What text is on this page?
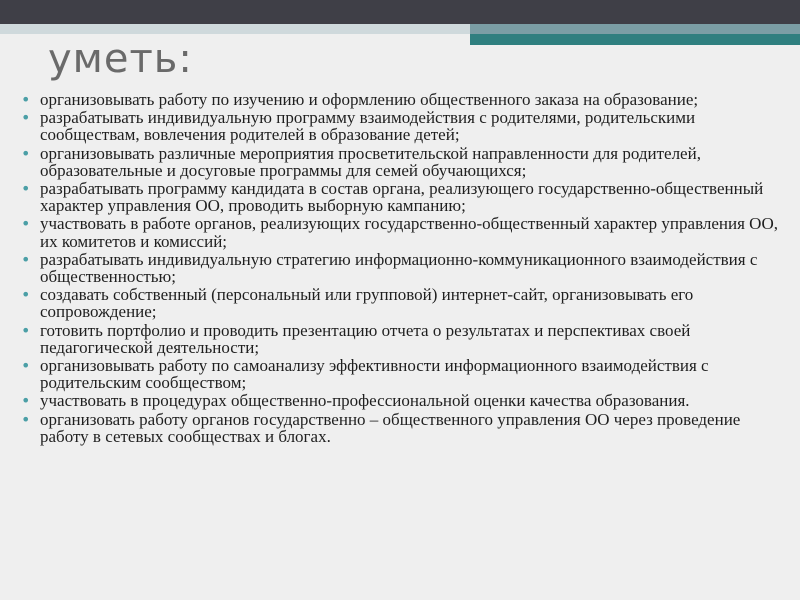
уметь:
• организовывать работу по изучению и оформлению общественного заказа на образование;
• разрабатывать индивидуальную программу взаимодействия с родителями, родительскими сообществам, вовлечения родителей в образование детей;
• организовывать различные мероприятия просветительской направленности для родителей, образовательные и досуговые программы для семей обучающихся;
• разрабатывать программу кандидата в состав органа, реализующего государственно-общественный характер управления ОО, проводить выборную кампанию;
• участвовать в работе органов, реализующих государственно-общественный характер управления ОО, их комитетов и комиссий;
• разрабатывать индивидуальную стратегию информационно-коммуникационного взаимодействия с общественностью;
• создавать собственный (персональный или групповой) интернет-сайт, организовывать его сопровождение;
• готовить портфолио и проводить презентацию отчета о результатах и перспективах своей педагогической деятельности;
• организовывать работу по самоанализу эффективности информационного взаимодействия с родительским сообществом;
• участвовать в процедурах общественно-профессиональной оценки качества образования.
• организовать работу органов государственно – общественного управления ОО через проведение работу в сетевых сообществах и блогах.
